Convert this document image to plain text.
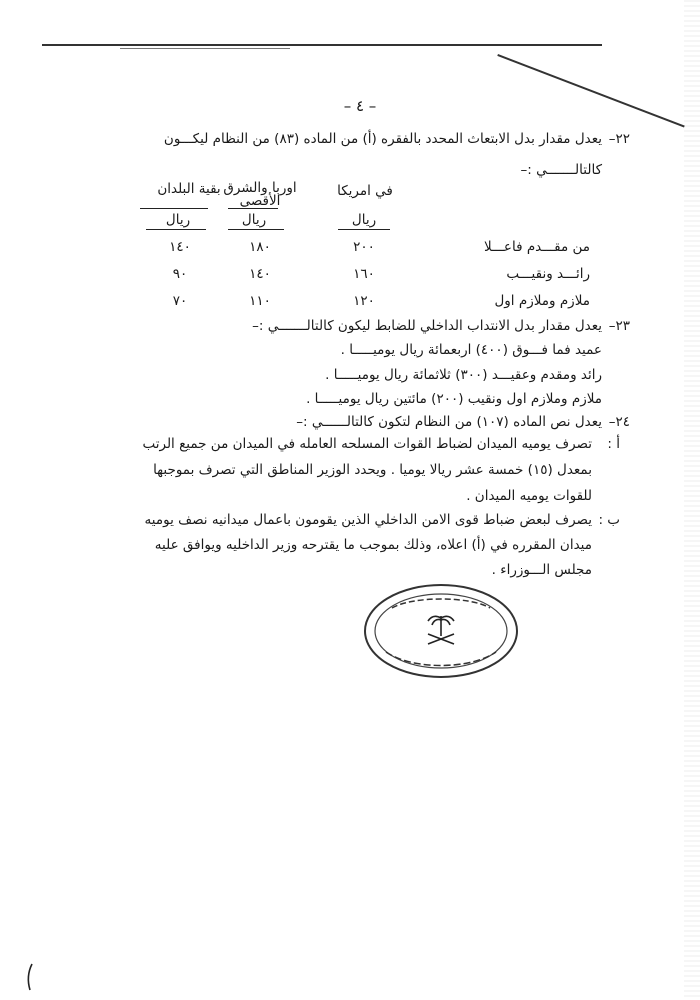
– ٤ –
٢٢–
يعدل مقدار بدل الابتعاث المحدد بالفقره (أ) من الماده (٨٣) من النظام ليكـــون
كالتالـــــــي :–
في امريكا
اوربا والشرق
الأقصى
بقية البلدان
ريال
ريال
ريال
من مقـــدم فاعـــلا
٢٠٠
١٨٠
١٤٠
رائـــد ونقيـــب
١٦٠
١٤٠
٩٠
ملازم وملازم اول
١٢٠
١١٠
٧٠
٢٣–
يعدل مقدار بدل الانتداب الداخلي للضابط ليكون كالتالـــــــي :–
عميد فما فـــوق (٤٠٠) اربعمائة ريال يوميـــــا .
رائد ومقدم وعقيـــد (٣٠٠) ثلاثمائة ريال يوميـــــا .
ملازم وملازم اول ونقيب (٢٠٠) مائتين ريال يوميـــــا .
٢٤–
يعدل نص الماده (١٠٧) من النظام لتكون كالتالــــــي :–
أ :
تصرف يوميه الميدان لضباط القوات المسلحه العامله في الميدان من جميع الرتب
بمعدل (١٥) خمسة عشر ريالا يوميا . ويحدد الوزير المناطق التي تصرف بموجبها
للقوات يوميه الميدان .
ب :
يصرف لبعض ضباط قوى الامن الداخلي الذين يقومون باعمال ميدانيه نصف يوميه
ميدان المقرره في (أ) اعلاه، وذلك بموجب ما يقترحه وزير الداخليه ويوافق عليه
مجلس الـــوزراء .
